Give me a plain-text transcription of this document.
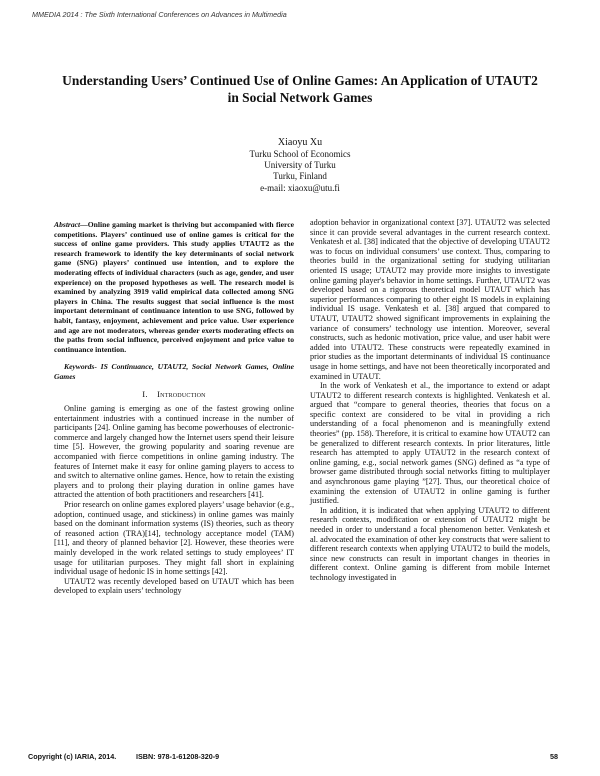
MMEDIA 2014 : The Sixth International Conferences on Advances in Multimedia
Understanding Users’ Continued Use of Online Games: An Application of UTAUT2
in Social Network Games
Xiaoyu Xu
Turku School of Economics
University of Turku
Turku, Finland
e-mail: xiaoxu@utu.fi

Abstract—Online gaming market is thriving but accompanied with fierce competitions. Players’ continued use of online games is critical for the success of online game providers. This study applies UTAUT2 as the research framework to identify the key determinants of social network game (SNG) players’ continued use intention, and to explore the moderating effects of individual characters (such as age, gender, and user experience) on the proposed hypotheses as well. The research model is examined by analyzing 3919 valid empirical data collected among SNG players in China. The results suggest that social influence is the most important determinant of continuance intention to use SNG, followed by habit, fantasy, enjoyment, achievement and price value. User experience and age are not moderators, whereas gender exerts moderating effects on the paths from social influence, perceived enjoyment and price value to continuance intention.

Keywords- IS Continuance, UTAUT2, Social Network Games, Online Games

I. Introduction

Online gaming is emerging as one of the fastest growing online entertainment industries with a continued increase in the number of participants [24]. Online gaming has become powerhouses of electronic-commerce and largely changed how the Internet users spend their leisure time [5]. However, the growing popularity and soaring revenue are accompanied with fierce competitions in online gaming industry. The features of Internet make it easy for online gaming players to access to and switch to alternative online games. Hence, how to retain the existing players and to prolong their playing duration in online games have attracted the attention of both practitioners and researchers [41].

Prior research on online games explored players’ usage behavior (e.g., adoption, continued usage, and stickiness) in online games was mainly based on the dominant information systems (IS) theories, such as theory of reasoned action (TRA)[14], technology acceptance model (TAM) [11], and theory of planned behavior [2]. However, these theories were mainly developed in the work related settings to study employees’ IT usage for utilitarian purposes. They might fall short in explaining individual usage of hedonic IS in home settings [42].

UTAUT2 was recently developed based on UTAUT which has been developed to explain users’ technology

adoption behavior in organizational context [37]. UTAUT2 was selected since it can provide several advantages in the current research context. Venkatesh et al. [38] indicated that the objective of developing UTAUT2 was to focus on individual consumers’ use context. Thus, comparing to theories build in the organizational setting for studying utilitarian oriented IS usage; UTAUT2 may provide more insights to investigate online gaming player's behavior in home settings. Further, UTAUT2 was developed based on a rigorous theoretical model UTAUT which has superior performances comparing to other eight IS models in explaining individual IS usage. Venkatesh et al. [38] argued that compared to UTAUT, UTAUT2 showed significant improvements in explaining the variance of consumers’ technology use intention. Moreover, several constructs, such as hedonic motivation, price value, and user habit were added into UTAUT2. These constructs were repeatedly examined in prior studies as the important determinants of individual IS continuance usage in home settings, and have not been theoretically incorporated and examined in UTAUT.

In the work of Venkatesh et al., the importance to extend or adapt UTAUT2 to different research contexts is highlighted. Venkatesh et al. argued that “compare to general theories, theories that focus on a specific context are considered to be vital in providing a rich understanding of a focal phenomenon and is meaningfully extend theories” (pp. 158). Therefore, it is critical to examine how UTAUT2 can be generalized to different research contexts. In prior literatures, little research has attempted to apply UTAUT2 in the research context of online gaming, e.g., social network games (SNG) defined as “a type of browser game distributed through social networks fitting to multiplayer and asynchronous game playing ”[27]. Thus, our theoretical choice of examining the extension of UTAUT2 in online gaming is further justified.

In addition, it is indicated that when applying UTAUT2 to different research contexts, modification or extension of UTAUT2 might be needed in order to understand a focal phenomenon better. Venkatesh et al. advocated the examination of other key constructs that were salient to different research contexts when applying UTAUT2 to build the models, since new constructs can result in important changes in theories in different context. Online gaming is different from mobile Internet technology investigated in

Copyright (c) IARIA, 2014.	ISBN: 978-1-61208-320-9	58
